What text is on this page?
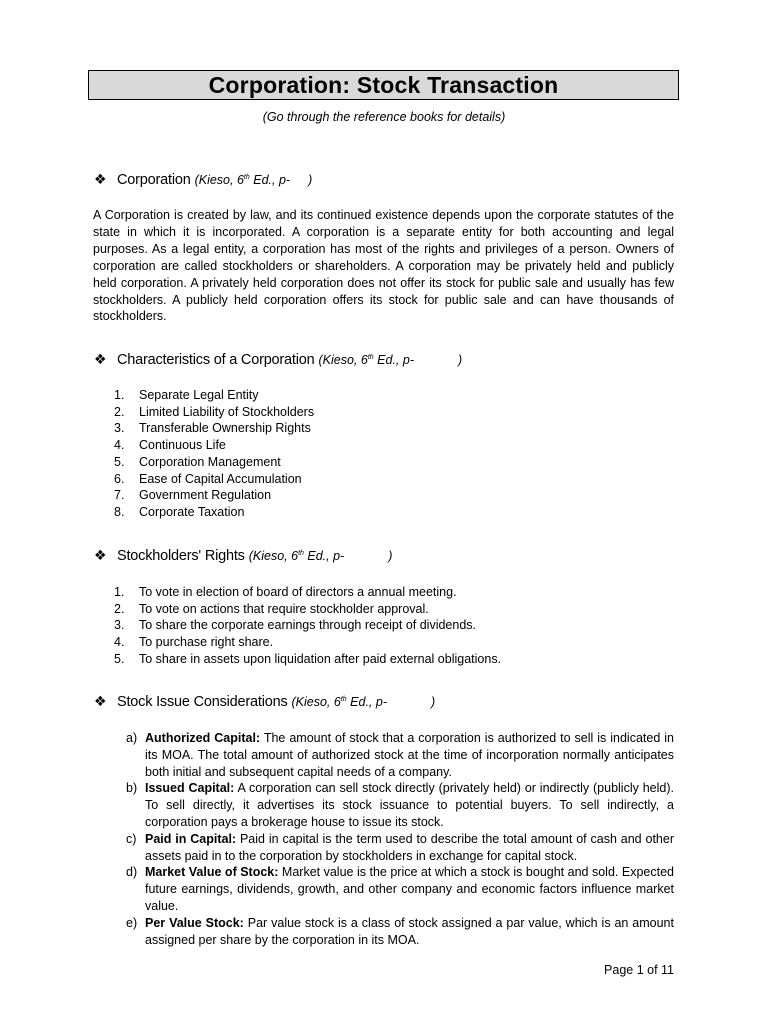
Corporation: Stock Transaction
(Go through the reference books for details)
❖ Corporation (Kieso, 6th Ed., p- )

A Corporation is created by law, and its continued existence depends upon the corporate statutes of the state in which it is incorporated. A corporation is a separate entity for both accounting and legal purposes. As a legal entity, a corporation has most of the rights and privileges of a person. Owners of corporation are called stockholders or shareholders. A corporation may be privately held and publicly held corporation. A privately held corporation does not offer its stock for public sale and usually has few stockholders. A publicly held corporation offers its stock for public sale and can have thousands of stockholders.

❖ Characteristics of a Corporation (Kieso, 6th Ed., p-	)
1.	Separate Legal Entity
2.	Limited Liability of Stockholders
3.	Transferable Ownership Rights
4.	Continuous Life
5.	Corporation Management
6.	Ease of Capital Accumulation
7.	Government Regulation
8.	Corporate Taxation
❖ Stockholders' Rights (Kieso, 6th Ed., p-	)
1.	To vote in election of board of directors a annual meeting.
2.	To vote on actions that require stockholder approval.
3.	To share the corporate earnings through receipt of dividends.
4.	To purchase right share.
5.	To share in assets upon liquidation after paid external obligations.
❖ Stock Issue Considerations (Kieso, 6th Ed., p-	)
a) Authorized Capital: The amount of stock that a corporation is authorized to sell is indicated in its MOA. The total amount of authorized stock at the time of incorporation normally anticipates both initial and subsequent capital needs of a company.
b) Issued Capital: A corporation can sell stock directly (privately held) or indirectly (publicly held). To sell directly, it advertises its stock issuance to potential buyers. To sell indirectly, a corporation pays a brokerage house to issue its stock.
c) Paid in Capital: Paid in capital is the term used to describe the total amount of cash and other assets paid in to the corporation by stockholders in exchange for capital stock.
d) Market Value of Stock: Market value is the price at which a stock is bought and sold. Expected future earnings, dividends, growth, and other company and economic factors influence market value.
e) Per Value Stock: Par value stock is a class of stock assigned a par value, which is an amount assigned per share by the corporation in its MOA.
Page 1 of 11
